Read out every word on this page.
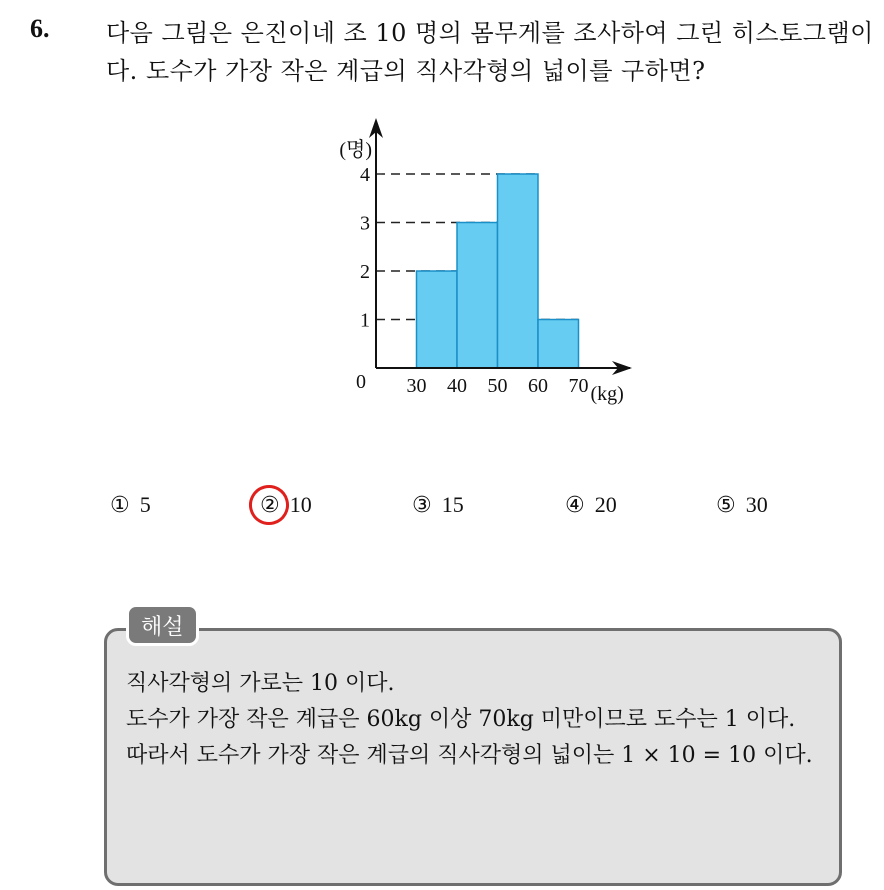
6. 다음 그림은 은진이네 조 10 명의 몸무게를 조사하여 그린 히스토그램이다. 도수가 가장 작은 계급의 직사각형의 넓이를 구하면?
1
2
3
4
30 40 50 60 70
0
(명)
(kg)
① 5	② 10	③ 15	④ 20	⑤ 30
해설
직사각형의 가로는 10 이다.
도수가 가장 작은 계급은 60kg 이상 70kg 미만이므로 도수는 1 이다.
따라서 도수가 가장 작은 계급의 직사각형의 넓이는 1 × 10 = 10 이다.
